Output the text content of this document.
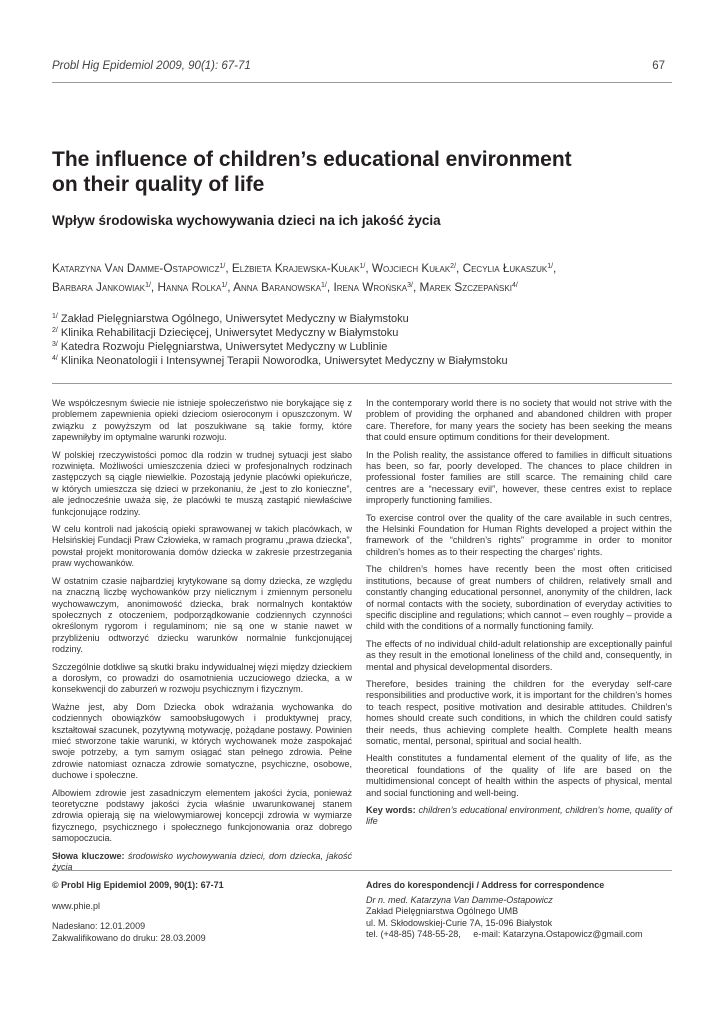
Probl Hig Epidemiol 2009, 90(1): 67-71	67
The influence of children’s educational environment
on their quality of life
Wpływ środowiska wychowywania dzieci na ich jakość życia
Katarzyna Van Damme-Ostapowicz$^{1/}$, Elżbieta Krajewska-Kułak$^{1/}$, Wojciech Kułak$^{2/}$, Cecylia Łukaszuk$^{1/}$,
Barbara Jankowiak$^{1/}$, Hanna Rolka$^{1/}$, Anna Baranowska$^{1/}$, Irena Wrońska$^{3/}$, Marek Szczepański$^{4/}$
$^{1/}$ Zakład Pielęgniarstwa Ogólnego, Uniwersytet Medyczny w Białymstoku
$^{2/}$ Klinika Rehabilitacji Dziecięcej, Uniwersytet Medyczny w Białymstoku
$^{3/}$ Katedra Rozwoju Pielęgniarstwa, Uniwersytet Medyczny w Lublinie
$^{4/}$ Klinika Neonatologii i Intensywnej Terapii Noworodka, Uniwersytet Medyczny w Białymstoku

We współczesnym świecie nie istnieje społeczeństwo nie borykające się z problemem zapewnienia opieki dzieciom osieroconym i opuszczonym. W związku z powyższym od lat poszukiwane są takie formy, które zapewniłyby im optymalne warunki rozwoju.

W polskiej rzeczywistości pomoc dla rodzin w trudnej sytuacji jest słabo rozwinięta. Możliwości umieszczenia dzieci w profesjonalnych rodzinach zastępczych są ciągle niewielkie. Pozostają jedynie placówki opiekuńcze, w których umieszcza się dzieci w przekonaniu, że „jest to zło konieczne”, ale jednocześnie uważa się, że placówki te muszą zastąpić niewłaściwe funkcjonujące rodziny.

W celu kontroli nad jakością opieki sprawowanej w takich placówkach, w Helsińskiej Fundacji Praw Człowieka, w ramach programu „prawa dziecka”, powstał projekt monitorowania domów dziecka w zakresie przestrzegania praw wychowanków.

W ostatnim czasie najbardziej krytykowane są domy dziecka, ze względu na znaczną liczbę wychowanków przy nielicznym i zmiennym personelu wychowawczym, anonimowość dziecka, brak normalnych kontaktów społecznych z otoczeniem, podporządkowanie codziennych czynności określonym rygorom i regulaminom; nie są one w stanie nawet w przybliżeniu odtworzyć dziecku warunków normalnie funkcjonującej rodziny.

Szczególnie dotkliwe są skutki braku indywidualnej więzi między dzieckiem a dorosłym, co prowadzi do osamotnienia uczuciowego dziecka, a w konsekwencji do zaburzeń w rozwoju psychicznym i fizycznym.

Ważne jest, aby Dom Dziecka obok wdrażania wychowanka do codziennych obowiązków samoobsługowych i produktywnej pracy, kształtował szacunek, pozytywną motywację, pożądane postawy. Powinien mieć stworzone takie warunki, w których wychowanek może zaspokajać swoje potrzeby, a tym samym osiągać stan pełnego zdrowia. Pełne zdrowie natomiast oznacza zdrowie somatyczne, psychiczne, osobowe, duchowe i społeczne.

Albowiem zdrowie jest zasadniczym elementem jakości życia, ponieważ teoretyczne podstawy jakości życia właśnie uwarunkowanej stanem zdrowia opierają się na wielowymiarowej koncepcji zdrowia w wymiarze fizycznego, psychicznego i społecznego funkcjonowania oraz dobrego samopoczucia.

Słowa kluczowe: środowisko wychowywania dzieci, dom dziecka, jakość życia

In the contemporary world there is no society that would not strive with the problem of providing the orphaned and abandoned children with proper care. Therefore, for many years the society has been seeking the means that could ensure optimum conditions for their development.

In the Polish reality, the assistance offered to families in difficult situations has been, so far, poorly developed. The chances to place children in professional foster families are still scarce. The remaining child care centres are a “necessary evil”, however, these centres exist to replace improperly functioning families.

To exercise control over the quality of the care available in such centres, the Helsinki Foundation for Human Rights developed a project within the framework of the “children’s rights” programme in order to monitor children’s homes as to their respecting the charges’ rights.

The children’s homes have recently been the most often criticised institutions, because of great numbers of children, relatively small and constantly changing educational personnel, anonymity of the children, lack of normal contacts with the society, subordination of everyday activities to specific discipline and regulations; which cannot – even roughly – provide a child with the conditions of a normally functioning family.

The effects of no individual child-adult relationship are exceptionally painful as they result in the emotional loneliness of the child and, consequently, in mental and physical developmental disorders.

Therefore, besides training the children for the everyday self-care responsibilities and productive work, it is important for the children’s homes to teach respect, positive motivation and desirable attitudes. Children’s homes should create such conditions, in which the children could satisfy their needs, thus achieving complete health. Complete health means somatic, mental, personal, spiritual and social health.

Health constitutes a fundamental element of the quality of life, as the theoretical foundations of the quality of life are based on the multidimensional concept of health within the aspects of physical, mental and social functioning and well-being.

Key words: children’s educational environment, children’s home, quality of life

© Probl Hig Epidemiol 2009, 90(1): 67-71
www.phie.pl
Nadesłano: 12.01.2009
Zakwalifikowano do druku: 28.03.2009
Adres do korespondencji / Address for correspondence
Dr n. med. Katarzyna Van Damme-Ostapowicz
Zakład Pielęgniarstwa Ogólnego UMB
ul. M. Skłodowskiej-Curie 7A, 15-096 Białystok
tel. (+48-85) 748-55-28,     e-mail: Katarzyna.Ostapowicz@gmail.com
